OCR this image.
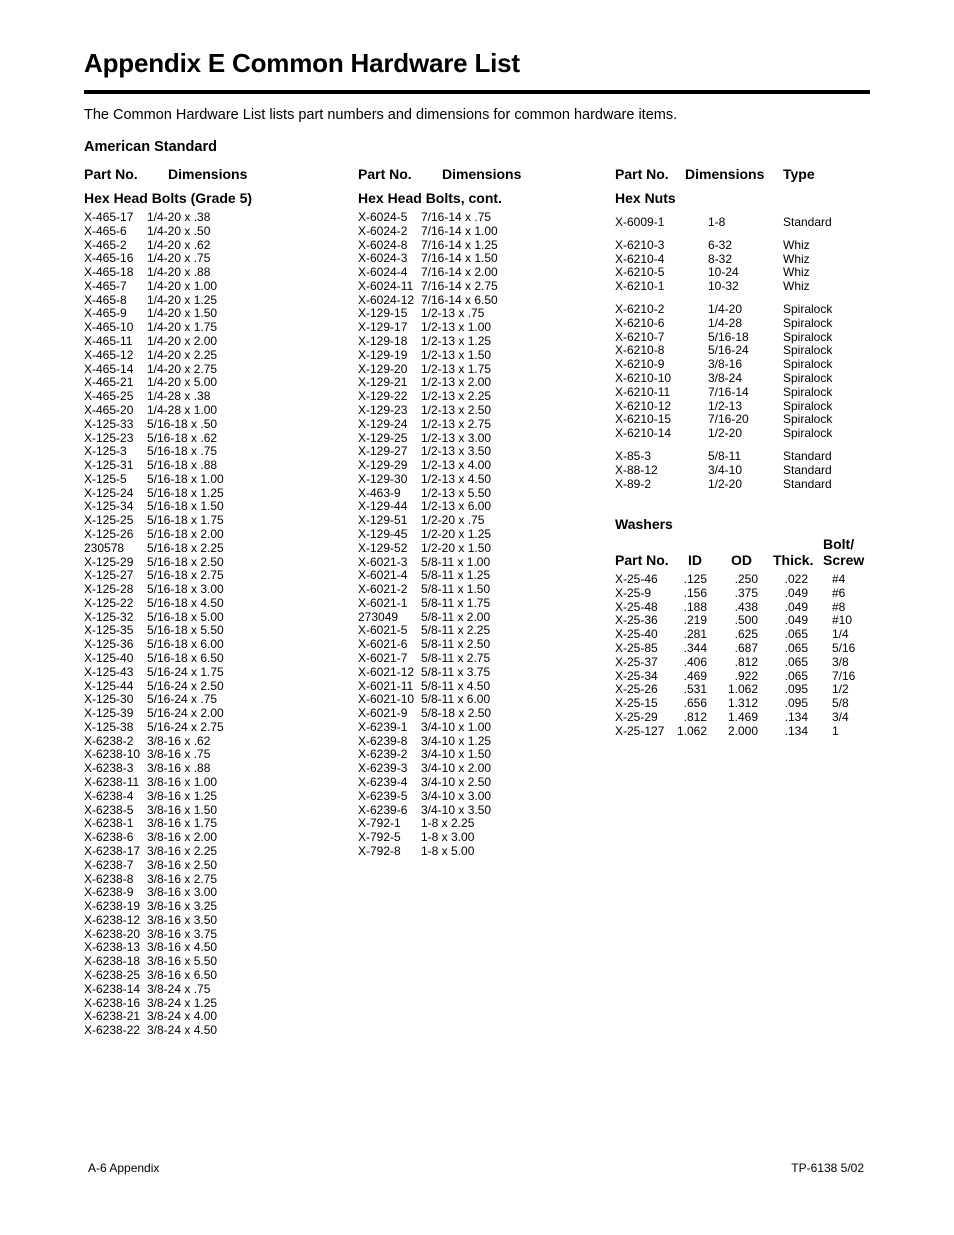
Appendix E Common Hardware List
The Common Hardware List lists part numbers and dimensions for common hardware items.
American Standard
Part No. Dimensions
Hex Head Bolts (Grade 5)
X-465-17 1/4-20 x .38
X-465-6 1/4-20 x .50
X-465-2 1/4-20 x .62
X-465-16 1/4-20 x .75
X-465-18 1/4-20 x .88
X-465-7 1/4-20 x 1.00
X-465-8 1/4-20 x 1.25
X-465-9 1/4-20 x 1.50
X-465-10 1/4-20 x 1.75
X-465-11 1/4-20 x 2.00
X-465-12 1/4-20 x 2.25
X-465-14 1/4-20 x 2.75
X-465-21 1/4-20 x 5.00
X-465-25 1/4-28 x .38
X-465-20 1/4-28 x 1.00
X-125-33 5/16-18 x .50
X-125-23 5/16-18 x .62
X-125-3 5/16-18 x .75
X-125-31 5/16-18 x .88
X-125-5 5/16-18 x 1.00
X-125-24 5/16-18 x 1.25
X-125-34 5/16-18 x 1.50
X-125-25 5/16-18 x 1.75
X-125-26 5/16-18 x 2.00
230578 5/16-18 x 2.25
X-125-29 5/16-18 x 2.50
X-125-27 5/16-18 x 2.75
X-125-28 5/16-18 x 3.00
X-125-22 5/16-18 x 4.50
X-125-32 5/16-18 x 5.00
X-125-35 5/16-18 x 5.50
X-125-36 5/16-18 x 6.00
X-125-40 5/16-18 x 6.50
X-125-43 5/16-24 x 1.75
X-125-44 5/16-24 x 2.50
X-125-30 5/16-24 x .75
X-125-39 5/16-24 x 2.00
X-125-38 5/16-24 x 2.75
X-6238-2 3/8-16 x .62
X-6238-10 3/8-16 x .75
X-6238-3 3/8-16 x .88
X-6238-11 3/8-16 x 1.00
X-6238-4 3/8-16 x 1.25
X-6238-5 3/8-16 x 1.50
X-6238-1 3/8-16 x 1.75
X-6238-6 3/8-16 x 2.00
X-6238-17 3/8-16 x 2.25
X-6238-7 3/8-16 x 2.50
X-6238-8 3/8-16 x 2.75
X-6238-9 3/8-16 x 3.00
X-6238-19 3/8-16 x 3.25
X-6238-12 3/8-16 x 3.50
X-6238-20 3/8-16 x 3.75
X-6238-13 3/8-16 x 4.50
X-6238-18 3/8-16 x 5.50
X-6238-25 3/8-16 x 6.50
X-6238-14 3/8-24 x .75
X-6238-16 3/8-24 x 1.25
X-6238-21 3/8-24 x 4.00
X-6238-22 3/8-24 x 4.50
Part No. Dimensions
Hex Head Bolts, cont.
X-6024-5 7/16-14 x .75
X-6024-2 7/16-14 x 1.00
X-6024-8 7/16-14 x 1.25
X-6024-3 7/16-14 x 1.50
X-6024-4 7/16-14 x 2.00
X-6024-11 7/16-14 x 2.75
X-6024-12 7/16-14 x 6.50
X-129-15 1/2-13 x .75
X-129-17 1/2-13 x 1.00
X-129-18 1/2-13 x 1.25
X-129-19 1/2-13 x 1.50
X-129-20 1/2-13 x 1.75
X-129-21 1/2-13 x 2.00
X-129-22 1/2-13 x 2.25
X-129-23 1/2-13 x 2.50
X-129-24 1/2-13 x 2.75
X-129-25 1/2-13 x 3.00
X-129-27 1/2-13 x 3.50
X-129-29 1/2-13 x 4.00
X-129-30 1/2-13 x 4.50
X-463-9 1/2-13 x 5.50
X-129-44 1/2-13 x 6.00
X-129-51 1/2-20 x .75
X-129-45 1/2-20 x 1.25
X-129-52 1/2-20 x 1.50
X-6021-3 5/8-11 x 1.00
X-6021-4 5/8-11 x 1.25
X-6021-2 5/8-11 x 1.50
X-6021-1 5/8-11 x 1.75
273049 5/8-11 x 2.00
X-6021-5 5/8-11 x 2.25
X-6021-6 5/8-11 x 2.50
X-6021-7 5/8-11 x 2.75
X-6021-12 5/8-11 x 3.75
X-6021-11 5/8-11 x 4.50
X-6021-10 5/8-11 x 6.00
X-6021-9 5/8-18 x 2.50
X-6239-1 3/4-10 x 1.00
X-6239-8 3/4-10 x 1.25
X-6239-2 3/4-10 x 1.50
X-6239-3 3/4-10 x 2.00
X-6239-4 3/4-10 x 2.50
X-6239-5 3/4-10 x 3.00
X-6239-6 3/4-10 x 3.50
X-792-1 1-8 x 2.25
X-792-5 1-8 x 3.00
X-792-8 1-8 x 5.00
Part No. Dimensions Type
Hex Nuts
X-6009-1	1-8	Standard
X-6210-3	6-32	Whiz
X-6210-4	8-32	Whiz
X-6210-5	10-24	Whiz
X-6210-1	10-32	Whiz
X-6210-2	1/4-20	Spiralock
X-6210-6	1/4-28	Spiralock
X-6210-7	5/16-18	Spiralock
X-6210-8	5/16-24	Spiralock
X-6210-9	3/8-16	Spiralock
X-6210-10	3/8-24	Spiralock
X-6210-11	7/16-14	Spiralock
X-6210-12	1/2-13	Spiralock
X-6210-15	7/16-20	Spiralock
X-6210-14	1/2-20	Spiralock
X-85-3	5/8-11	Standard
X-88-12	3/4-10	Standard
X-89-2	1/2-20	Standard
Washers
Bolt/
Part No. ID OD Thick. Screw
X-25-46 .125 .250 .022 #4
X-25-9	.156 .375 .049 #6
X-25-48 .188 .438 .049 #8
X-25-36 .219 .500 .049 #10
X-25-40 .281 .625 .065 1/4
X-25-85 .344 .687 .065 5/16
X-25-37 .406 .812 .065 3/8
X-25-34 .469 .922 .065 7/16
X-25-26 .531 1.062 .095 1/2
X-25-15 .656 1.312 .095 5/8
X-25-29 .812 1.469 .134 3/4
X-25-127 1.062 2.000 .134 1
A-6 Appendix	TP-6138 5/02
